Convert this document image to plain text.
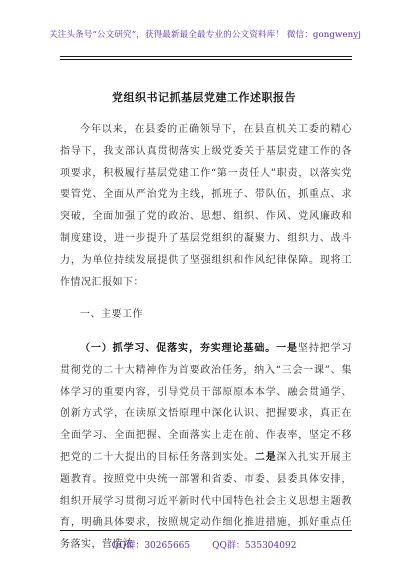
关注头条号“公文研究”，获得最新最全最专业的公文资料库！ 微信：gongwenyj
党组织书记抓基层党建工作述职报告

今年以来，在县委的正确领导下，在县直机关工委的精心指导下，我支部认真贯彻落实上级党委关于基层党建工作的各项要求，积极履行基层党建工作“第一责任人”职责，以落实党要管党、全面从严治党为主线，抓班子、带队伍，抓重点、求突破，全面加强了党的政治、思想、组织、作风、党风廉政和制度建设，进一步提升了基层党组织的凝聚力、组织力、战斗力，为单位持续发展提供了坚强组织和作风纪律保障。现将工作情况汇报如下：

一、主要工作

（一）抓学习、促落实，夯实理论基础。一是坚持把学习贯彻党的二十大精神作为首要政治任务，纳入“三会一课”、集体学习的重要内容，引导党员干部原原本本学、融会贯通学、创新方式学，在读原文悟原理中深化认识、把握要求，真正在全面学习、全面把握、全面落实上走在前、作表率，坚定不移把党的二十大提出的目标任务落到实处。二是深入扎实开展主题教育。按照党中央统一部署和省委、市委、县委具体安排，组织开展学习贯彻习近平新时代中国特色社会主义思想主题教育，明确具体要求，按照规定动作细化推进措施，抓好重点任务落实，营造浓

QQ群：30265665 QQ群：535304092
